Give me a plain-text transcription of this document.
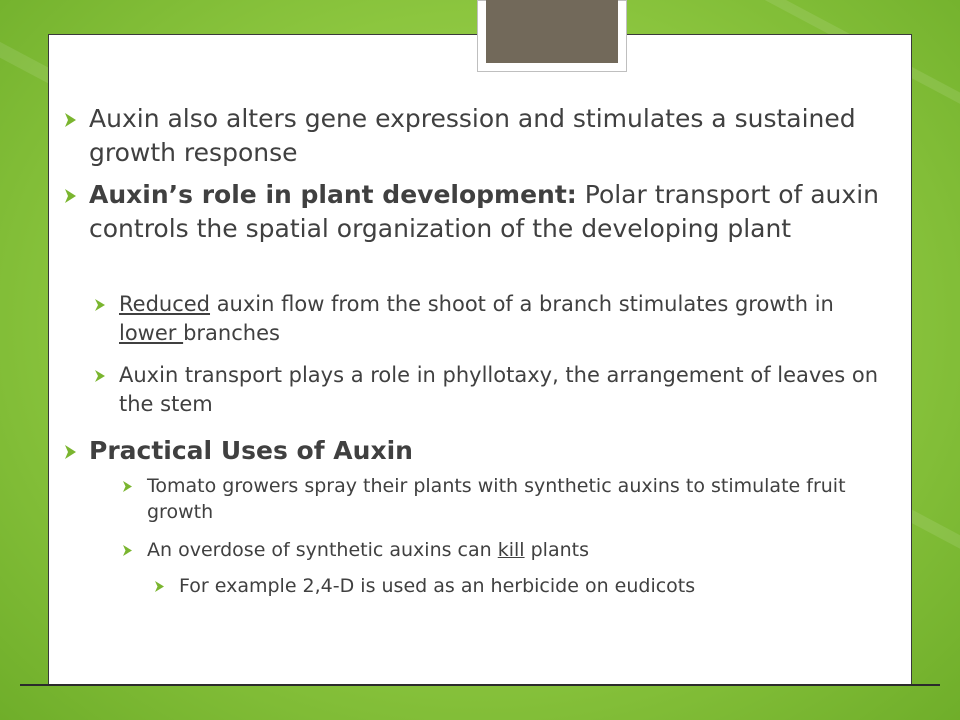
Auxin also alters gene expression and stimulates a sustained growth response
Auxin’s role in plant development: Polar transport of auxin controls the spatial organization of the developing plant
Reduced auxin flow from the shoot of a branch stimulates growth in lower branches
Auxin transport plays a role in phyllotaxy, the arrangement of leaves on the stem
Practical Uses of Auxin
Tomato growers spray their plants with synthetic auxins to stimulate fruit growth
An overdose of synthetic auxins can kill plants
For example 2,4-D is used as an herbicide on eudicots
